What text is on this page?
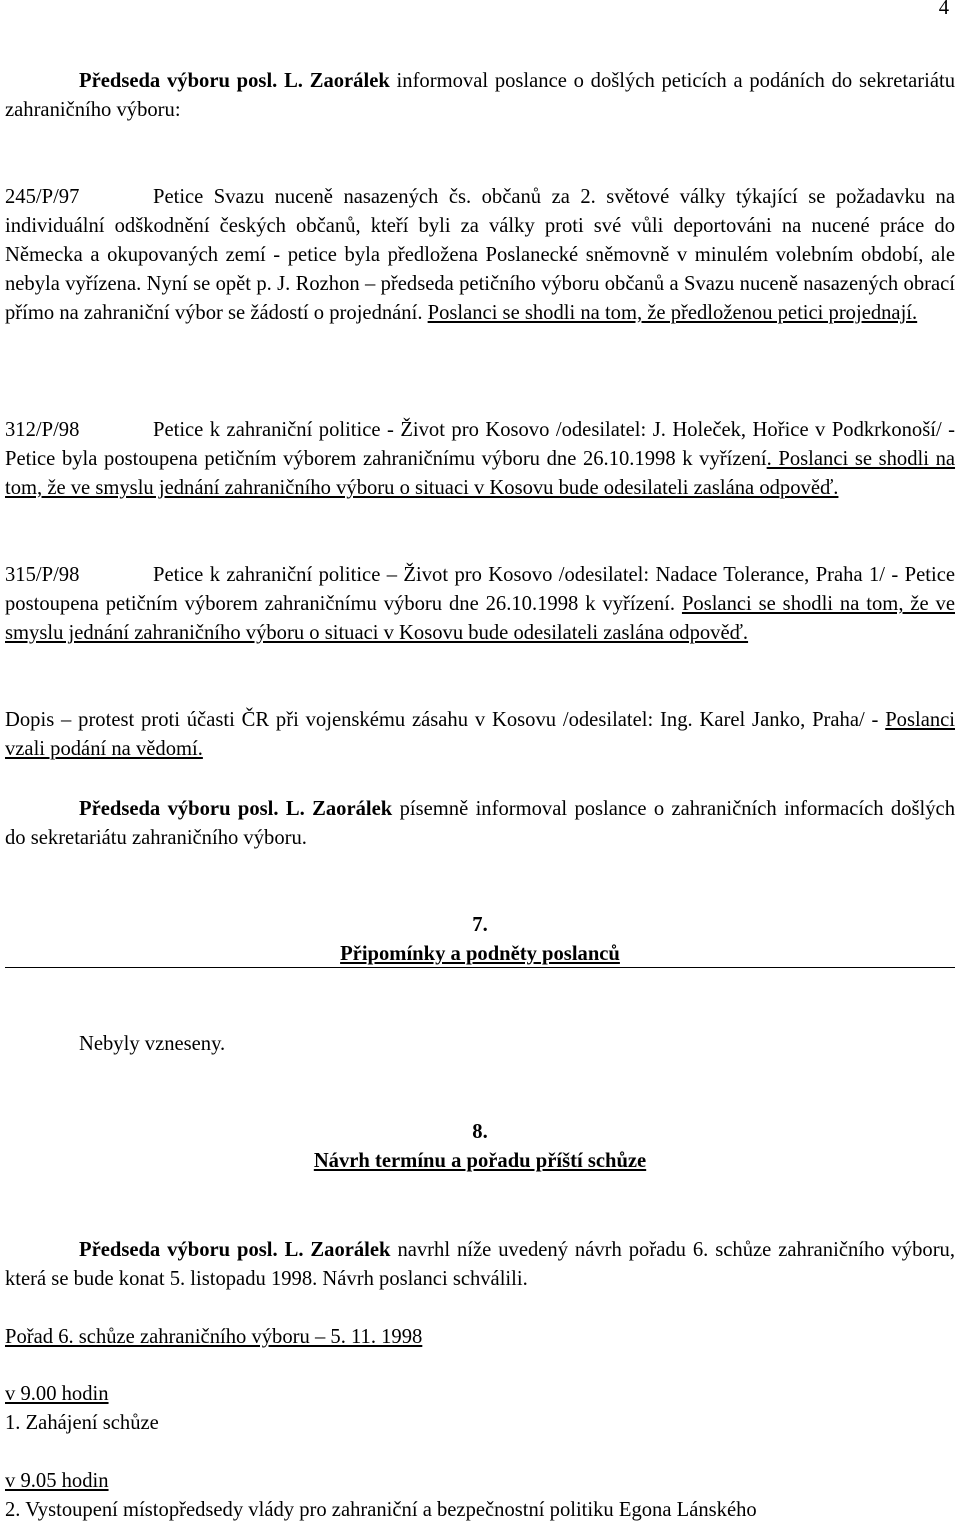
4

Předseda výboru posl. L. Zaorálek informoval poslance o došlých peticích a podáních do sekretariátu zahraničního výboru:

245/P/97	Petice Svazu nuceně nasazených čs. občanů za 2. světové války týkající se požadavku na individuální odškodnění českých občanů, kteří byli za války proti své vůli deportováni na nucené práce do Německa a okupovaných zemí - petice byla předložena Poslanecké sněmovně v minulém volebním období, ale nebyla vyřízena. Nyní se opět p. J. Rozhon – předseda petičního výboru občanů a Svazu nuceně nasazených obrací přímo na zahraniční výbor se žádostí o projednání. Poslanci se shodli na tom, že předloženou petici projednají.

312/P/98	Petice k zahraniční politice - Život pro Kosovo /odesilatel: J. Holeček, Hořice v Podkrkonoší/ - Petice byla postoupena petičním výborem zahraničnímu výboru dne 26.10.1998 k vyřízení. Poslanci se shodli na tom, že ve smyslu jednání zahraničního výboru o situaci v Kosovu bude odesilateli zaslána odpověď.

315/P/98	Petice k zahraniční politice – Život pro Kosovo /odesilatel: Nadace Tolerance, Praha 1/ - Petice postoupena petičním výborem zahraničnímu výboru dne 26.10.1998 k vyřízení. Poslanci se shodli na tom, že ve smyslu jednání zahraničního výboru o situaci v Kosovu bude odesilateli zaslána odpověď.

Dopis – protest proti účasti ČR při vojenskému zásahu v Kosovu /odesilatel: Ing. Karel Janko, Praha/ - Poslanci vzali podání na vědomí.

Předseda výboru posl. L. Zaorálek písemně informoval poslance o zahraničních informacích došlých do sekretariátu zahraničního výboru.

7.

Připomínky a podněty poslanců

Nebyly vzneseny.

8.

Návrh termínu a pořadu příští schůze

Předseda výboru posl. L. Zaorálek navrhl níže uvedený návrh pořadu 6. schůze zahraničního výboru, která se bude konat 5. listopadu 1998. Návrh poslanci schválili.

Pořad 6. schůze zahraničního výboru – 5. 11. 1998

v 9.00 hodin

1. Zahájení schůze

v 9.05 hodin

2. Vystoupení místopředsedy vlády pro zahraniční a bezpečnostní politiku Egona Lánského
